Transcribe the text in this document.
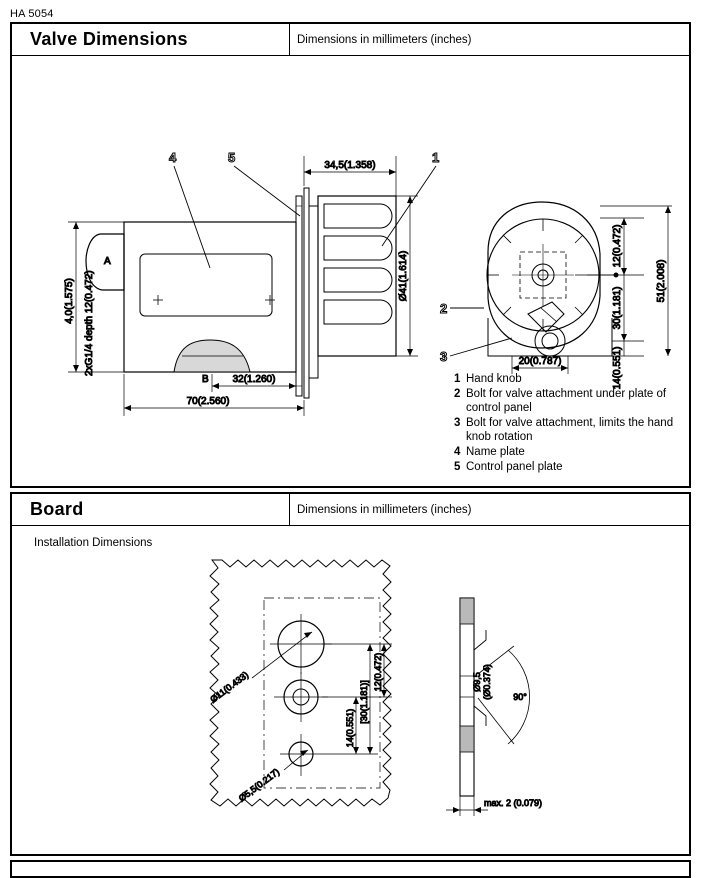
HA 5054
Valve Dimensions	Dimensions in millimeters (inches)
4,0(1.575) 2xG1/4 depth 12(0.472)
A
B 32(1.260)
70(2.560)
34,5(1.358)
Ø41(1.614)
4	5	1
2
3
12(0.472)
30(1.181)
14(0.551)
51(2.008)
20(0.787)
1 Hand knob
2 Bolt for valve attachment under plate of control panel
3 Bolt for valve attachment, limits the hand knob rotation
4 Name plate
5 Control panel plate
Board	Dimensions in millimeters (inches)
Installation Dimensions
Ø11(0.433)
Ø5,5(0.217)
12(0.472)
[30(1.181)]
14(0.551)
90°
Ø9,5 (Ø0.374)
max. 2 (0.079)
